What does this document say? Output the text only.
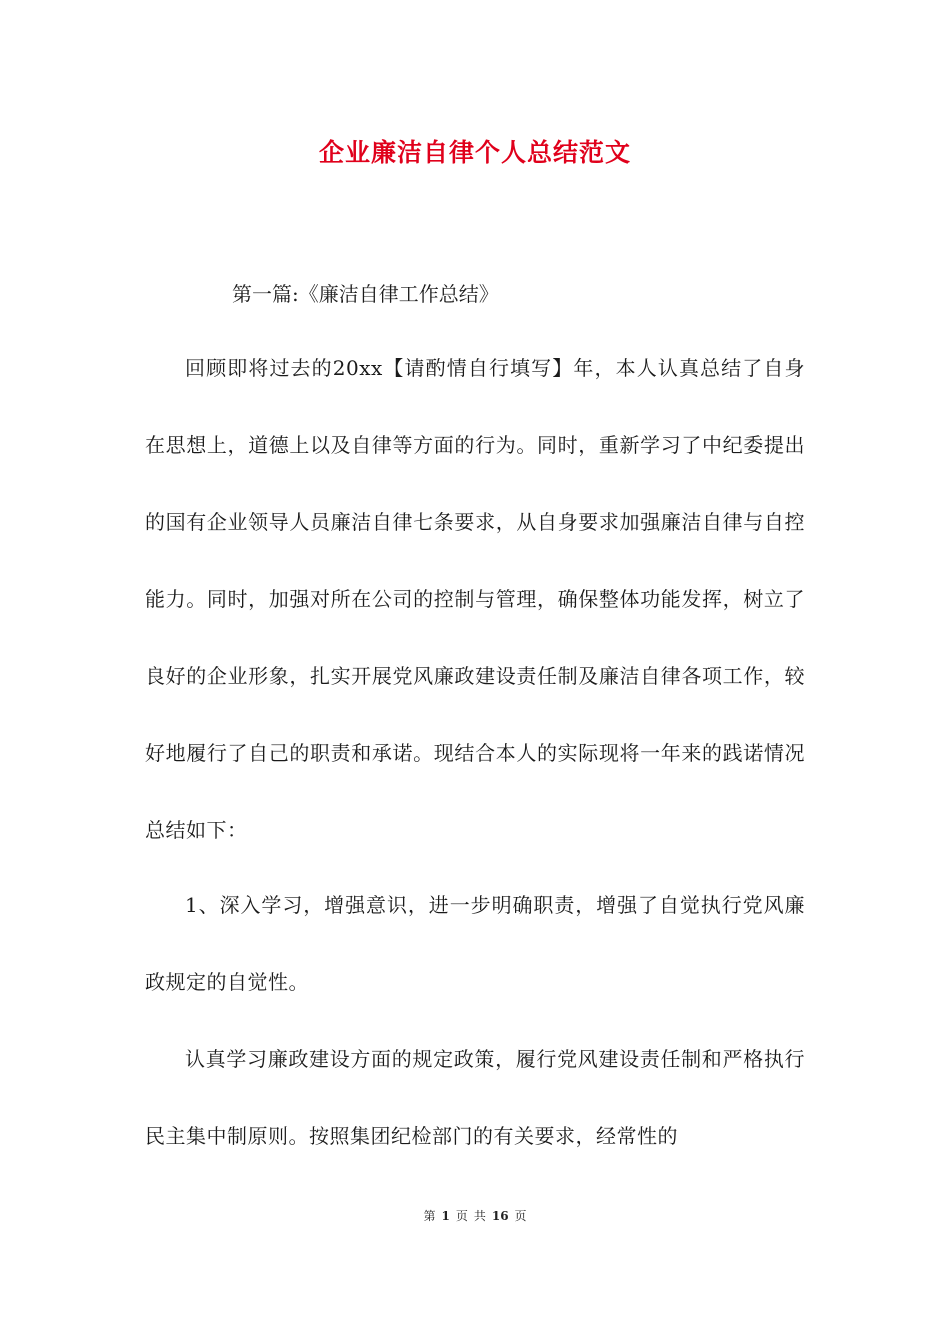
企业廉洁自律个人总结范文
第一篇:《廉洁自律工作总结》

回顾即将过去的20xx【请酌情自行填写】年，本人认真总结了自身在思想上，道德上以及自律等方面的行为。同时，重新学习了中纪委提出的国有企业领导人员廉洁自律七条要求，从自身要求加强廉洁自律与自控能力。同时，加强对所在公司的控制与管理，确保整体功能发挥，树立了良好的企业形象，扎实开展党风廉政建设责任制及廉洁自律各项工作，较好地履行了自己的职责和承诺。现结合本人的实际现将一年来的践诺情况总结如下：

1、深入学习，增强意识，进一步明确职责，增强了自觉执行党风廉政规定的自觉性。

认真学习廉政建设方面的规定政策，履行党风建设责任制和严格执行民主集中制原则。按照集团纪检部门的有关要求，经常性的

第 1 页 共 16 页
